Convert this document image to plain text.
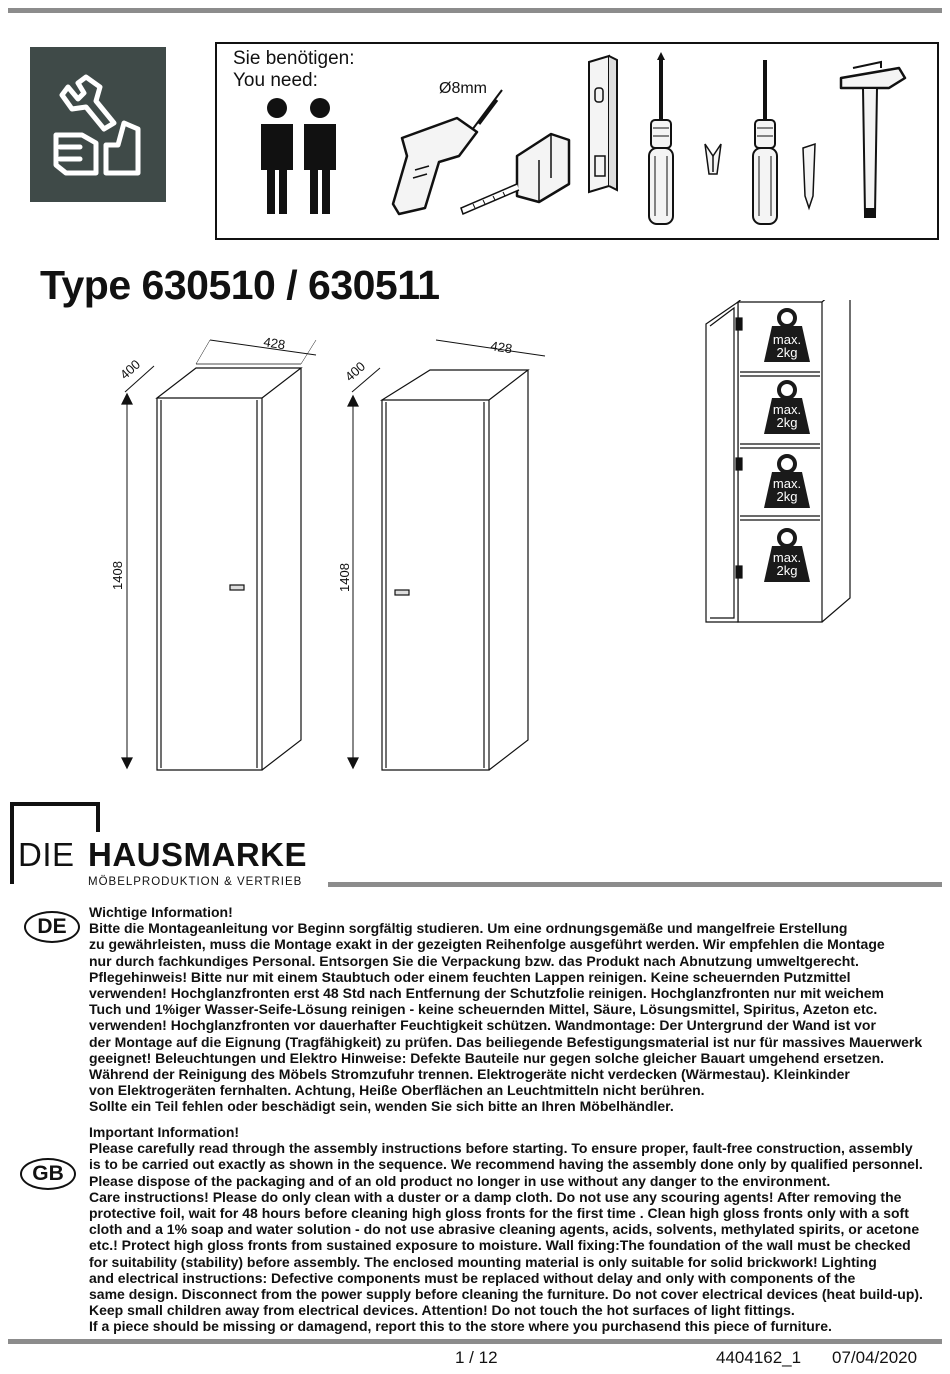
Sie benötigen:
You need:	Ø8mm
Type 630510 / 630511
428
400
1408
428
400
1408
max.
2kg
max.
2kg
max.
2kg
max.
2kg
DIE HAUSMARKE
MÖBELPRODUKTION & VERTRIEB
DE
Wichtige Information!
Bitte die Montageanleitung vor Beginn sorgfältig studieren. Um eine ordnungsgemäße und mangelfreie Erstellung
zu gewährleisten, muss die Montage exakt in der gezeigten Reihenfolge ausgeführt werden. Wir empfehlen die Montage
nur durch fachkundiges Personal. Entsorgen Sie die Verpackung bzw. das Produkt nach Abnutzung umweltgerecht.
Pflegehinweis! Bitte nur mit einem Staubtuch oder einem feuchten Lappen reinigen. Keine scheuernden Putzmittel
verwenden! Hochglanzfronten erst 48 Std nach Entfernung der Schutzfolie reinigen. Hochglanzfronten nur mit weichem
Tuch und 1%iger Wasser-Seife-Lösung reinigen - keine scheuernden Mittel, Säure, Lösungsmittel, Spiritus, Azeton etc.
verwenden! Hochglanzfronten vor dauerhafter Feuchtigkeit schützen. Wandmontage: Der Untergrund der Wand ist vor
der Montage auf die Eignung (Tragfähigkeit) zu prüfen. Das beiliegende Befestigungsmaterial ist nur für massives Mauerwerk
geeignet! Beleuchtungen und Elektro Hinweise: Defekte Bauteile nur gegen solche gleicher Bauart umgehend ersetzen.
Während der Reinigung des Möbels Stromzufuhr trennen. Elektrogeräte nicht verdecken (Wärmestau). Kleinkinder
von Elektrogeräten fernhalten. Achtung, Heiße Oberflächen an Leuchtmitteln nicht berühren.
Sollte ein Teil fehlen oder beschädigt sein, wenden Sie sich bitte an Ihren Möbelhändler.
GB
Important Information!
Please carefully read through the assembly instructions before starting. To ensure proper, fault-free construction, assembly
is to be carried out exactly as shown in the sequence. We recommend having the assembly done only by qualified personnel.
Please dispose of the packaging and of an old product no longer in use without any danger to the environment.
Care instructions! Please do only clean with a duster or a damp cloth. Do not use any scouring agents! After removing the
protective foil, wait for 48 hours before cleaning high gloss fronts for the first time . Clean high gloss fronts only with a soft
cloth and a 1% soap and water solution - do not use abrasive cleaning agents, acids, solvents, methylated spirits, or acetone
etc.! Protect high gloss fronts from sustained exposure to moisture. Wall fixing:The foundation of the wall must be checked
for suitability (stability) before assembly. The enclosed mounting material is only suitable for solid brickwork! Lighting
and electrical instructions: Defective components must be replaced without delay and only with components of the
same design. Disconnect from the power supply before cleaning the furniture. Do not cover electrical devices (heat build-up).
Keep small children away from electrical devices. Attention! Do not touch the hot surfaces of light fittings.
If a piece should be missing or damagend, report this to the store where you purchasend this piece of furniture.
1 / 12	4404162_1 07/04/2020
